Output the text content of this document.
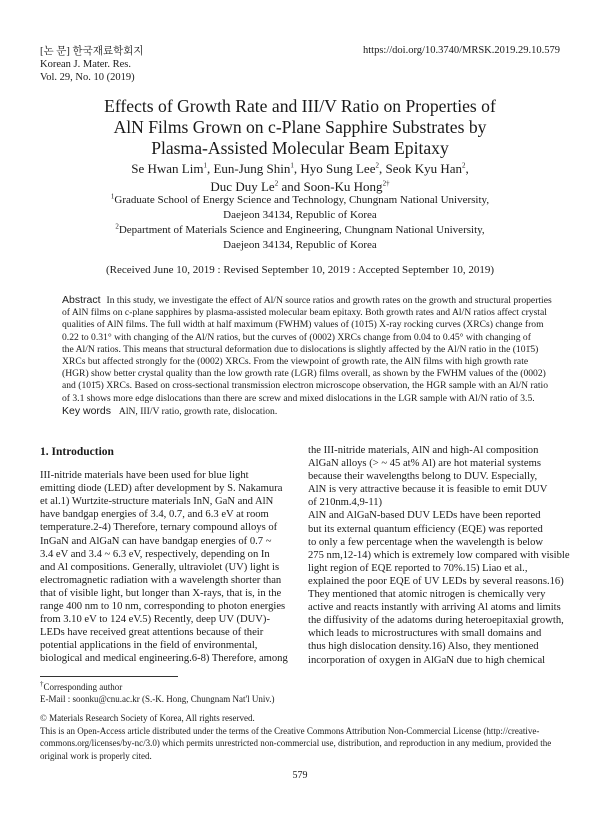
[논 문] 한국재료학회지
Korean J. Mater. Res.
Vol. 29, No. 10 (2019)
https://doi.org/10.3740/MRSK.2019.29.10.579
Effects of Growth Rate and III/V Ratio on Properties of
AlN Films Grown on c-Plane Sapphire Substrates by
Plasma-Assisted Molecular Beam Epitaxy
Se Hwan Lim$^1$, Eun-Jung Shin$^1$, Hyo Sung Lee$^2$, Seok Kyu Han$^2$,
Duc Duy Le$^2$ and Soon-Ku Hong$^{2\dagger}$
$^1$Graduate School of Energy Science and Technology, Chungnam National University,
Daejeon 34134, Republic of Korea
$^2$Department of Materials Science and Engineering, Chungnam National University,
Daejeon 34134, Republic of Korea
(Received June 10, 2019 : Revised September 10, 2019 : Accepted September 10, 2019)
Abstract In this study, we investigate the effect of Al/N source ratios and growth rates on the growth and structural properties
of AlN films on c-plane sapphires by plasma-assisted molecular beam epitaxy. Both growth rates and Al/N ratios affect crystal
qualities of AlN films. The full width at half maximum (FWHM) values of (101̄5) X-ray rocking curves (XRCs) change from
0.22 to 0.31° with changing of the Al/N ratios, but the curves of (0002) XRCs change from 0.04 to 0.45° with changing of
the Al/N ratios. This means that structural deformation due to dislocations is slightly affected by the Al/N ratio in the (101̄5)
XRCs but affected strongly for the (0002) XRCs. From the viewpoint of growth rate, the AlN films with high growth rate
(HGR) show better crystal quality than the low growth rate (LGR) films overall, as shown by the FWHM values of the (0002)
and (101̄5) XRCs. Based on cross-sectional transmission electron microscope observation, the HGR sample with an Al/N ratio
of 3.1 shows more edge dislocations than there are screw and mixed dislocations in the LGR sample with Al/N ratio of 3.5.
Key words AlN, III/V ratio, growth rate, dislocation.
1. Introduction
III-nitride materials have been used for blue light
emitting diode (LED) after development by S. Nakamura
et al.1) Wurtzite-structure materials InN, GaN and AlN
have bandgap energies of 3.4, 0.7, and 6.3 eV at room
temperature.2-4) Therefore, ternary compound alloys of
InGaN and AlGaN can have bandgap energies of 0.7 ~
3.4 eV and 3.4 ~ 6.3 eV, respectively, depending on In
and Al compositions. Generally, ultraviolet (UV) light is
electromagnetic radiation with a wavelength shorter than
that of visible light, but longer than X-rays, that is, in the
range 400 nm to 10 nm, corresponding to photon energies
from 3.10 eV to 124 eV.5) Recently, deep UV (DUV)-
LEDs have received great attentions because of their
potential applications in the field of environmental,
biological and medical engineering.6-8) Therefore, among
the III-nitride materials, AlN and high-Al composition
AlGaN alloys (> ~ 45 at% Al) are hot material systems
because their wavelengths belong to DUV. Especially,
AlN is very attractive because it is feasible to emit DUV
of 210nm.4,9-11)
AlN and AlGaN-based DUV LEDs have been reported
but its external quantum efficiency (EQE) was reported
to only a few percentage when the wavelength is below
275 nm,12-14) which is extremely low compared with visible
light region of EQE reported to 70%.15) Liao et al.,
explained the poor EQE of UV LEDs by several reasons.16)
They mentioned that atomic nitrogen is chemically very
active and reacts instantly with arriving Al atoms and limits
the diffusivity of the adatoms during heteroepitaxial growth,
which leads to microstructures with small domains and
thus high dislocation density.16) Also, they mentioned
incorporation of oxygen in AlGaN due to high chemical
†Corresponding author
E-Mail : soonku@cnu.ac.kr (S.-K. Hong, Chungnam Nat'l Univ.)
© Materials Research Society of Korea, All rights reserved.
This is an Open-Access article distributed under the terms of the Creative Commons Attribution Non-Commercial License (http://creative-
commons.org/licenses/by-nc/3.0) which permits unrestricted non-commercial use, distribution, and reproduction in any medium, provided the
original work is properly cited.
579
